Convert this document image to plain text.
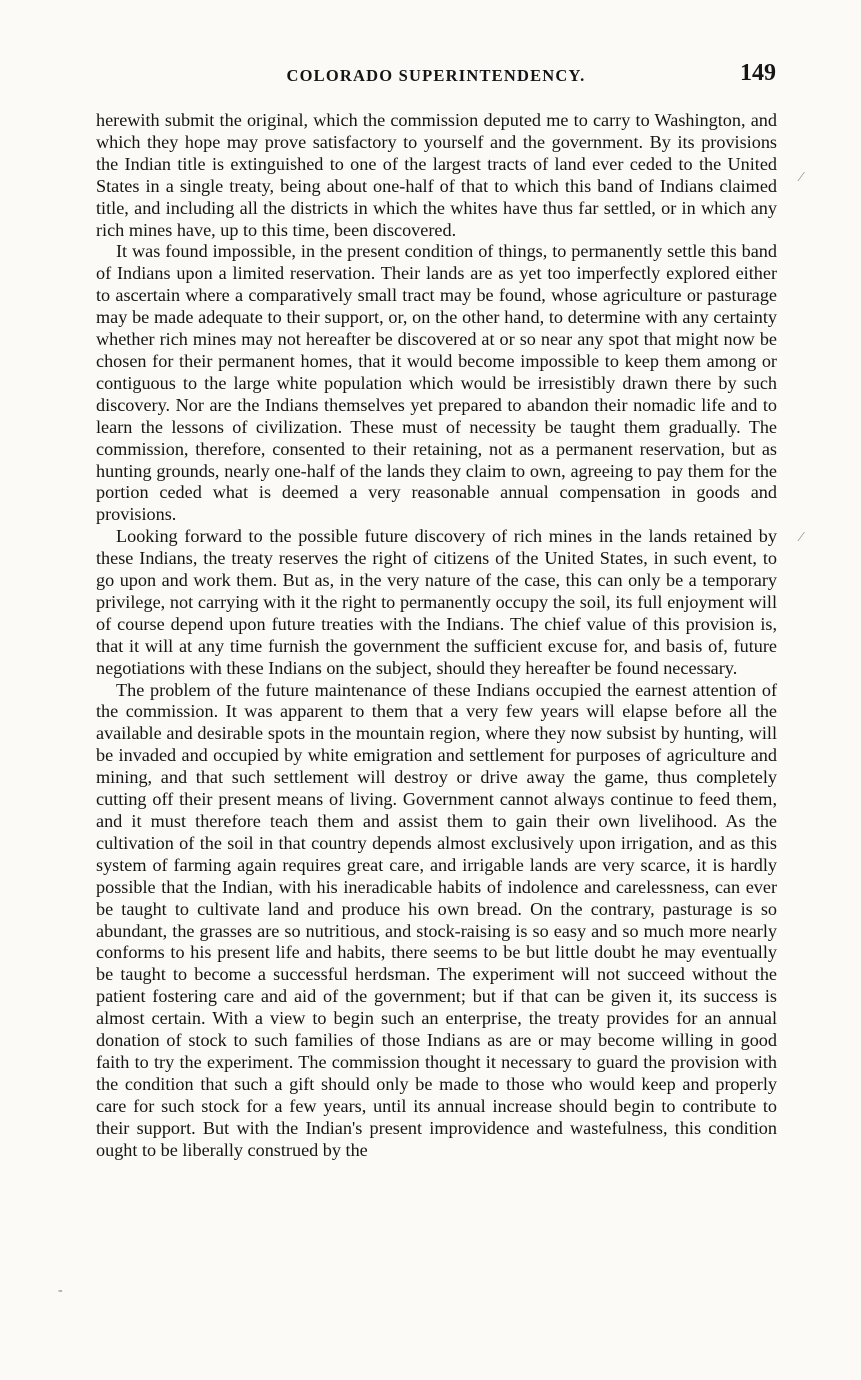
COLORADO SUPERINTENDENCY.	149

herewith submit the original, which the commission deputed me to carry to Washington, and which they hope may prove satisfactory to yourself and the government. By its provisions the Indian title is extinguished to one of the largest tracts of land ever ceded to the United States in a single treaty, being about one-half of that to which this band of Indians claimed title, and including all the districts in which the whites have thus far settled, or in which any rich mines have, up to this time, been discovered.

It was found impossible, in the present condition of things, to permanently settle this band of Indians upon a limited reservation. Their lands are as yet too imperfectly explored either to ascertain where a comparatively small tract may be found, whose agriculture or pasturage may be made adequate to their support, or, on the other hand, to determine with any certainty whether rich mines may not hereafter be discovered at or so near any spot that might now be chosen for their permanent homes, that it would become impossible to keep them among or contiguous to the large white population which would be irresistibly drawn there by such discovery. Nor are the Indians themselves yet prepared to abandon their nomadic life and to learn the lessons of civilization. These must of necessity be taught them gradually. The commission, therefore, consented to their retaining, not as a permanent reservation, but as hunting grounds, nearly one-half of the lands they claim to own, agreeing to pay them for the portion ceded what is deemed a very reasonable annual compensation in goods and provisions.

Looking forward to the possible future discovery of rich mines in the lands retained by these Indians, the treaty reserves the right of citizens of the United States, in such event, to go upon and work them. But as, in the very nature of the case, this can only be a temporary privilege, not carrying with it the right to permanently occupy the soil, its full enjoyment will of course depend upon future treaties with the Indians. The chief value of this provision is, that it will at any time furnish the government the sufficient excuse for, and basis of, future negotiations with these Indians on the subject, should they hereafter be found necessary.

The problem of the future maintenance of these Indians occupied the earnest attention of the commission. It was apparent to them that a very few years will elapse before all the available and desirable spots in the mountain region, where they now subsist by hunting, will be invaded and occupied by white emigration and settlement for purposes of agriculture and mining, and that such settlement will destroy or drive away the game, thus completely cutting off their present means of living. Government cannot always continue to feed them, and it must therefore teach them and assist them to gain their own livelihood. As the cultivation of the soil in that country depends almost exclusively upon irrigation, and as this system of farming again requires great care, and irrigable lands are very scarce, it is hardly possible that the Indian, with his ineradicable habits of indolence and carelessness, can ever be taught to cultivate land and produce his own bread. On the contrary, pasturage is so abundant, the grasses are so nutritious, and stock-raising is so easy and so much more nearly conforms to his present life and habits, there seems to be but little doubt he may eventually be taught to become a successful herdsman. The experiment will not succeed without the patient fostering care and aid of the government; but if that can be given it, its success is almost certain. With a view to begin such an enterprise, the treaty provides for an annual donation of stock to such families of those Indians as are or may become willing in good faith to try the experiment. The commission thought it necessary to guard the provision with the condition that such a gift should only be made to those who would keep and properly care for such stock for a few years, until its annual increase should begin to contribute to their support. But with the Indian's present improvidence and wastefulness, this condition ought to be liberally construed by the

⁄
⁄
‑
